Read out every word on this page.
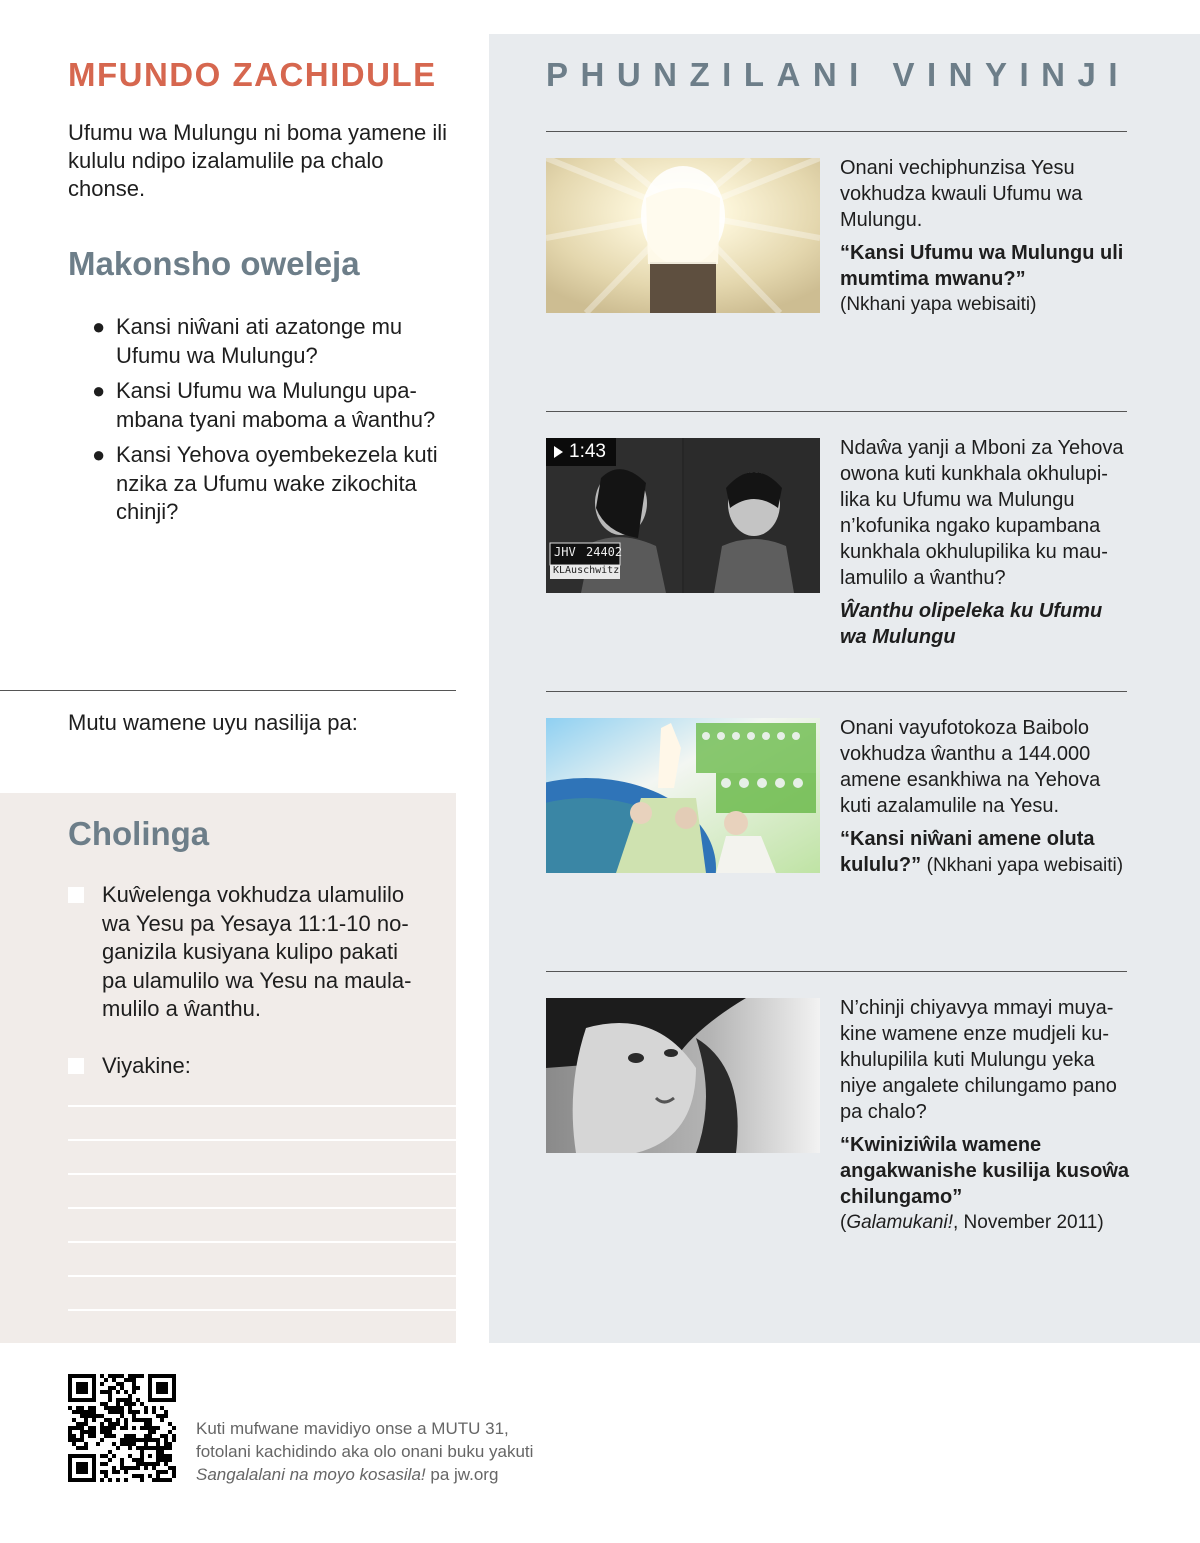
MFUNDO ZACHIDULE

Ufumu wa Mulungu ni boma yamene ili kululu ndipo izalamulile pa chalo chonse.

Makonsho oweleja
● Kansi niŵani ati azatonge mu Ufumu wa Mulungu?
● Kansi Ufumu wa Mulungu upambana tyani maboma a ŵanthu?
● Kansi Yehova oyembekezela kuti nzika za Ufumu wake zikochita chinji?
Mutu wamene uyu nasilija pa:
Cholinga
Kuŵelenga vokhudza ulamulilo wa Yesu pa Yesaya 11:1-10 noganizila kusiyana kulipo pakati pa ulamulilo wa Yesu na maulamulilo a ŵanthu.
Viyakine:
PHUNZILANI VINYINJI

Onani vechiphunzisa Yesu vokhudza kwauli Ufumu wa Mulungu.

“Kansi Ufumu wa Mulungu uli mumtima mwanu?”

(Nkhani yapa webisaiti)

1:43
JHV 24402
KLAuschwitz

Ndaŵa yanji a Mboni za Yehova owona kuti kunkhala okhulupilika ku Ufumu wa Mulungu n’kofunika ngako kupambana kunkhala okhulupilika ku maulamulilo a ŵanthu?

Ŵanthu olipeleka ku Ufumu wa Mulungu

Onani vayufotokoza Baibolo vokhudza ŵanthu a 144.000 amene esankhiwa na Yehova kuti azalamulile na Yesu.

“Kansi niŵani amene oluta kululu?” (Nkhani yapa webisaiti)

N’chinji chiyavyа mmayi muyakine wamene enze mudjeli kukhulupilila kuti Mulungu yeka niye angalete chilungamo pano pa chalo?

“Kwiniziŵila wamene angakwanishe kusilija kusoŵa chilungamo”

(Galamukani!, November 2011)

Kuti mufwane mavidiyo onse a MUTU 31,
fotolani kachidindo aka olo onani buku yakuti
Sangalalani na moyo kosasila! pa jw.org
